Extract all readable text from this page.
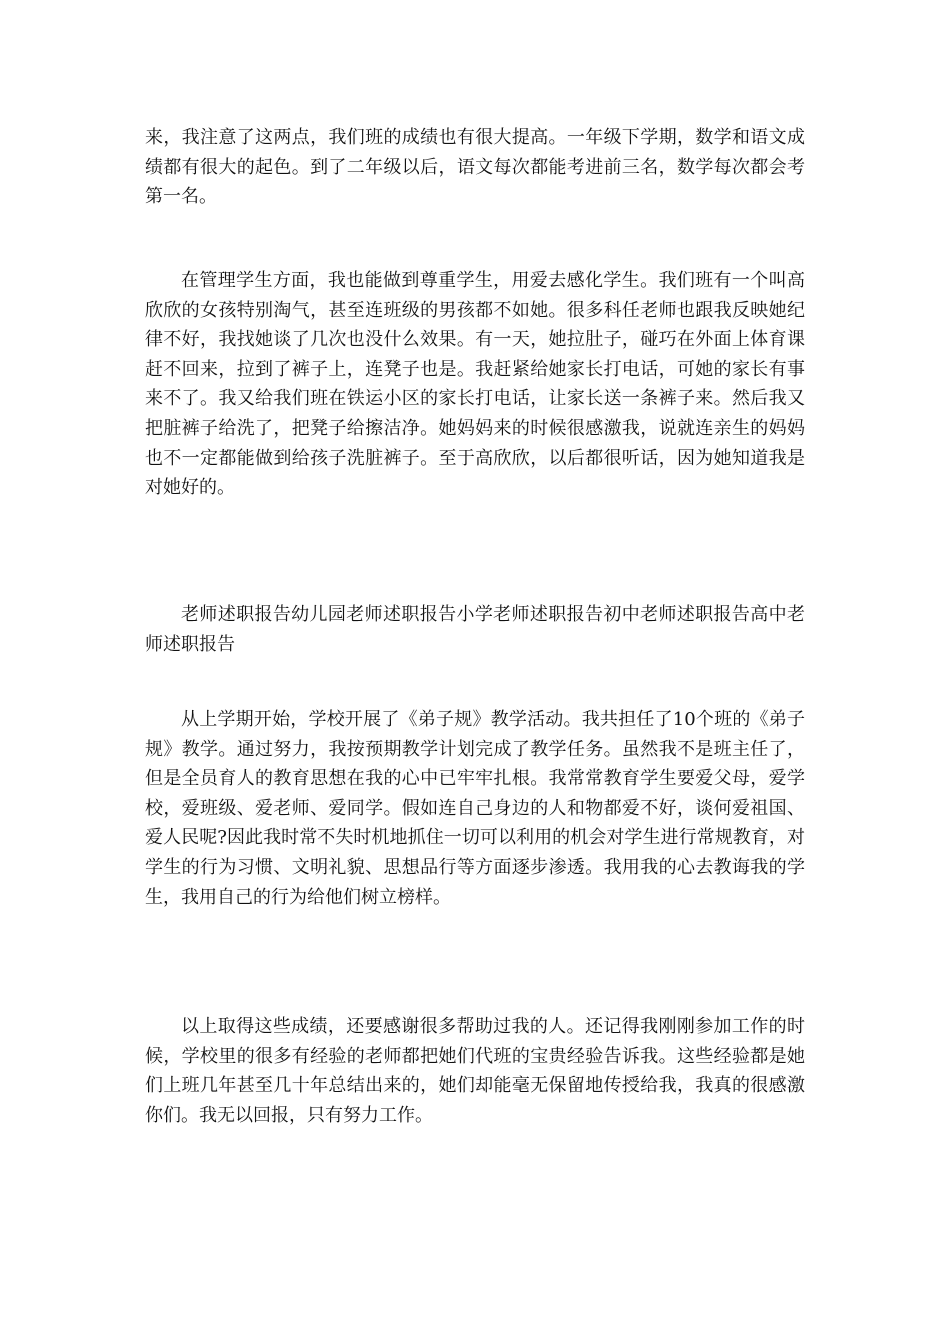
来，我注意了这两点，我们班的成绩也有很大提高。一年级下学期，数学和语文成绩都有很大的起色。到了二年级以后，语文每次都能考进前三名，数学每次都会考第一名。

在管理学生方面，我也能做到尊重学生，用爱去感化学生。我们班有一个叫高欣欣的女孩特别淘气，甚至连班级的男孩都不如她。很多科任老师也跟我反映她纪律不好，我找她谈了几次也没什么效果。有一天，她拉肚子，碰巧在外面上体育课赶不回来，拉到了裤子上，连凳子也是。我赶紧给她家长打电话，可她的家长有事来不了。我又给我们班在铁运小区的家长打电话，让家长送一条裤子来。然后我又把脏裤子给洗了，把凳子给擦洁净。她妈妈来的时候很感激我，说就连亲生的妈妈也不一定都能做到给孩子洗脏裤子。至于高欣欣，以后都很听话，因为她知道我是对她好的。

老师述职报告幼儿园老师述职报告小学老师述职报告初中老师述职报告高中老师述职报告

从上学期开始，学校开展了《弟子规》教学活动。我共担任了10个班的《弟子规》教学。通过努力，我按预期教学计划完成了教学任务。虽然我不是班主任了，但是全员育人的教育思想在我的心中已牢牢扎根。我常常教育学生要爱父母，爱学校，爱班级、爱老师、爱同学。假如连自己身边的人和物都爱不好，谈何爱祖国、爱人民呢?因此我时常不失时机地抓住一切可以利用的机会对学生进行常规教育，对学生的行为习惯、文明礼貌、思想品行等方面逐步渗透。我用我的心去教诲我的学生，我用自己的行为给他们树立榜样。

以上取得这些成绩，还要感谢很多帮助过我的人。还记得我刚刚参加工作的时候，学校里的很多有经验的老师都把她们代班的宝贵经验告诉我。这些经验都是她们上班几年甚至几十年总结出来的，她们却能毫无保留地传授给我，我真的很感激你们。我无以回报，只有努力工作。
